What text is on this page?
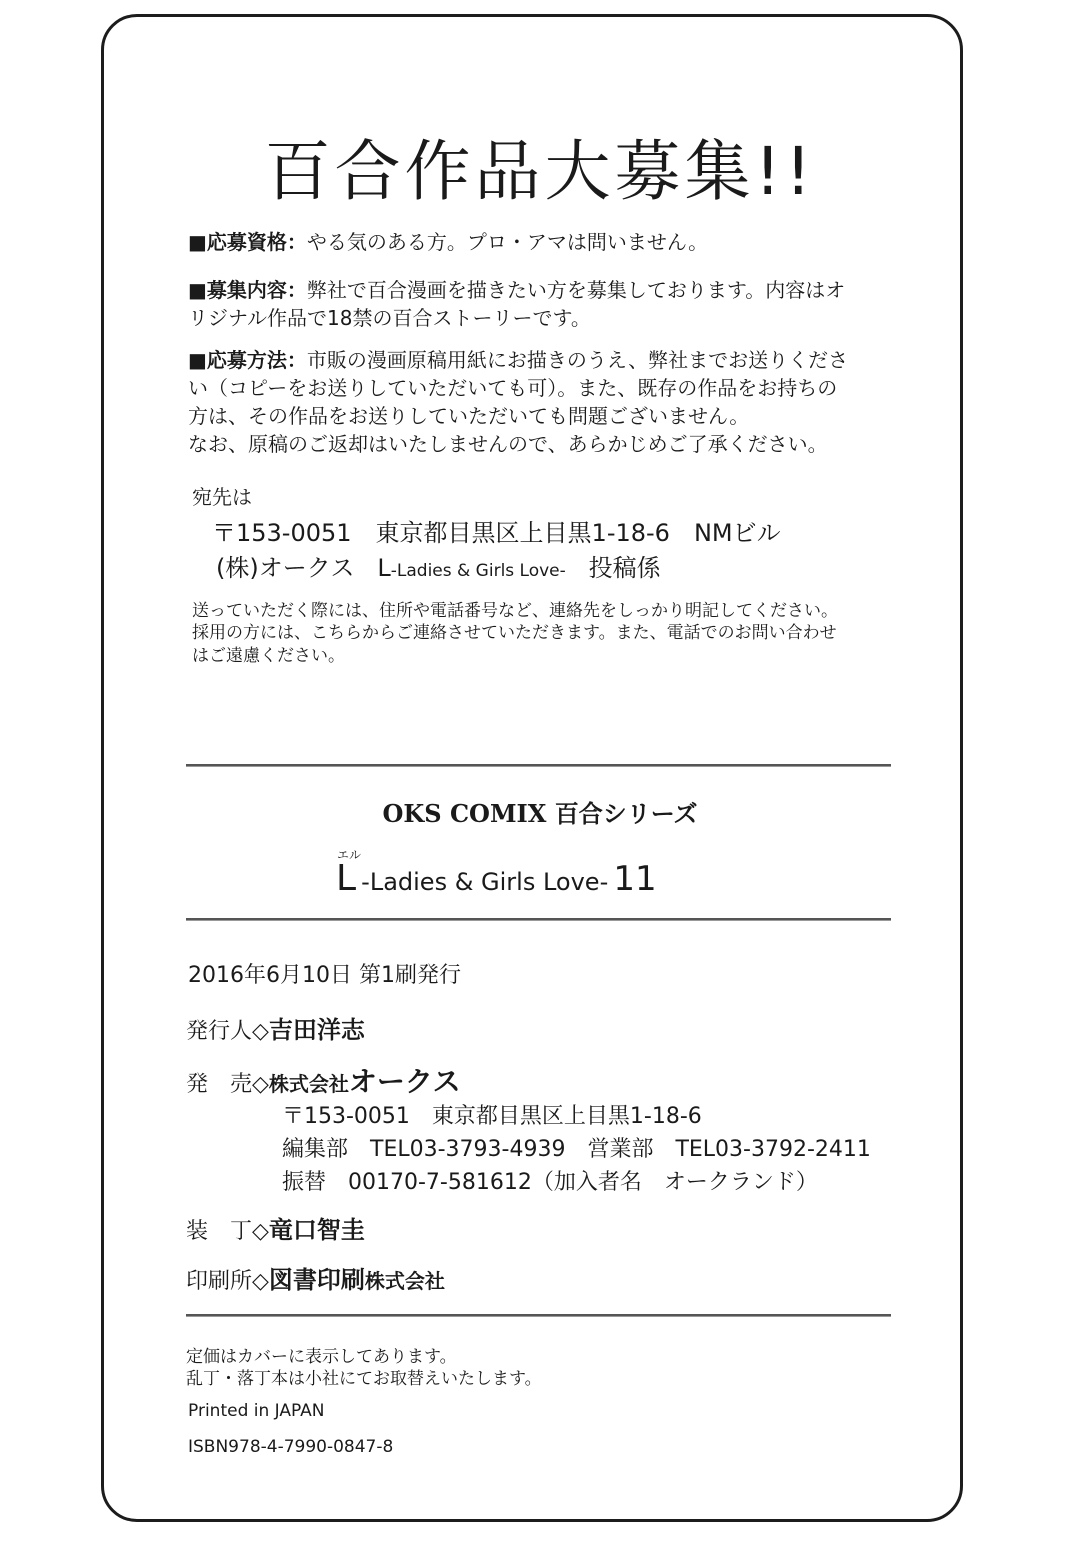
百合作品大募集!!
■応募資格：やる気のある方。プロ・アマは問いません。
■募集内容：弊社で百合漫画を描きたい方を募集しております。内容はオ
リジナル作品で18禁の百合ストーリーです。
■応募方法：市販の漫画原稿用紙にお描きのうえ、弊社までお送りくださ
い（コピーをお送りしていただいても可）。また、既存の作品をお持ちの
方は、その作品をお送りしていただいても問題ございません。
なお、原稿のご返却はいたしませんので、あらかじめご了承ください。
宛先は
〒153-0051　東京都目黒区上目黒1-18-6　NMビル
(株)オークス L-Ladies & Girls Love- 投稿係
送っていただく際には、住所や電話番号など、連絡先をしっかり明記してください。
採用の方には、こちらからご連絡させていただきます。また、電話でのお問い合わせ
はご遠慮ください。
OKS COMIX 百合シリーズ
エル
L -Ladies & Girls Love- 11
2016年6月10日 第1刷発行
発行人◇吉田洋志
発　売◇株式会社オークス
〒153-0051　東京都目黒区上目黒1-18-6
編集部　TEL03-3793-4939　営業部　TEL03-3792-2411
振替　00170-7-581612（加入者名　オークランド）
装　丁◇竜口智圭
印刷所◇図書印刷株式会社
定価はカバーに表示してあります。
乱丁・落丁本は小社にてお取替えいたします。
Printed in JAPAN
ISBN978-4-7990-0847-8
